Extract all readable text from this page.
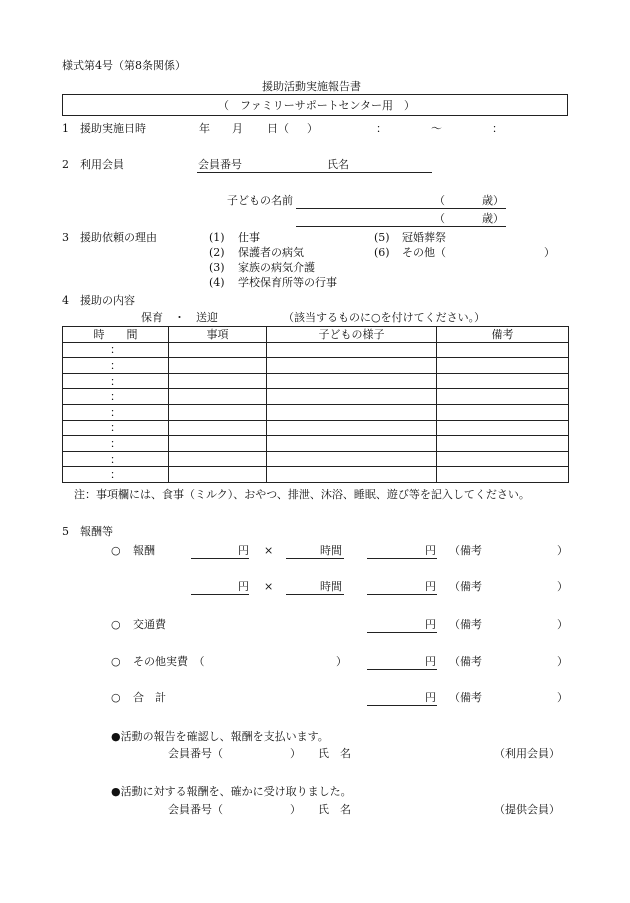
様式第4号（第8条関係）
援助活動実施報告書
（　ファミリーサポートセンター用　）
1 援助実施日時	年 月 日（ ）	：	～	：
2 利用会員	会員番号	氏名
子どもの名前	（	歳）
（	歳）
3 援助依頼の理由	(1) 仕事
(2) 保護者の病気
(3) 家族の病気介護
(4) 学校保育所等の行事
(5) 冠婚葬祭
(6) その他（	）
4 援助の内容
保育　・　送迎	（該当するものに○を付けてください。）
時　　間	事項	子どもの様子	備考
：			
：			
：			
：			
：			
：			
：			
：			
：			
注：事項欄には、食事（ミルク）、おやつ、排泄、沐浴、睡眠、遊び等を記入してください。
5 報酬等
○ 報酬	円 ×	時間	円 （備考	）
円 ×	時間	円 （備考	）
○ 交通費	円 （備考	）
○ その他実費　（	）	円 （備考	）
○ 合　計	円 （備考	）
●活動の報告を確認し、報酬を支払います。
会員番号（	） 氏　名	（利用会員）
●活動に対する報酬を、確かに受け取りました。
会員番号（	） 氏　名	（提供会員）
